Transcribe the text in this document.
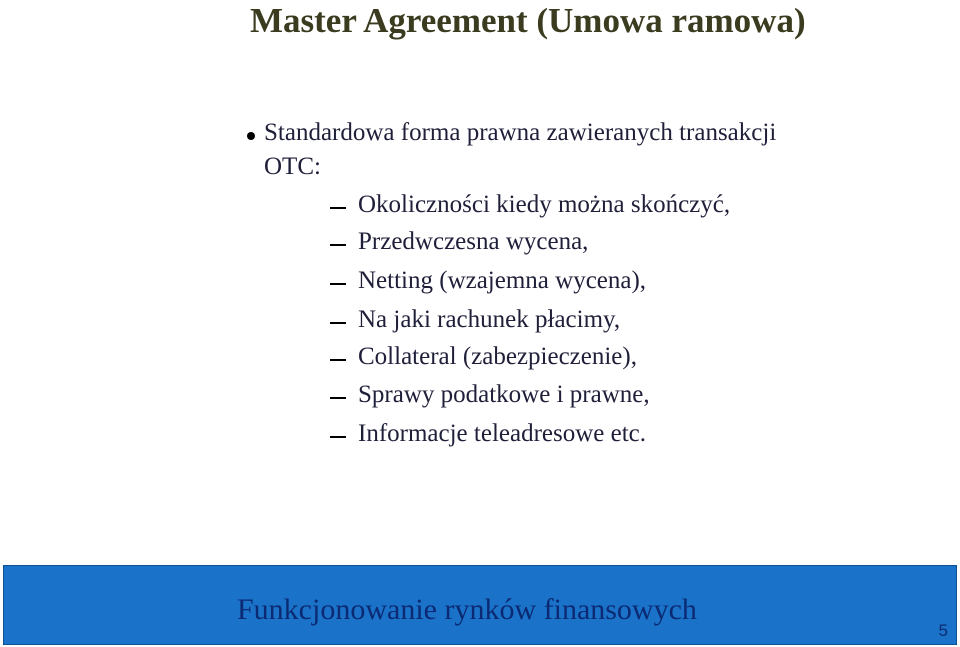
Master Agreement (Umowa ramowa)
Standardowa forma prawna zawieranych transakcji
OTC:
Okoliczności kiedy można skończyć,
Przedwczesna wycena,
Netting (wzajemna wycena),
Na jaki rachunek płacimy,
Collateral (zabezpieczenie),
Sprawy podatkowe i prawne,
Informacje teleadresowe etc.
Funkcjonowanie rynków finansowych
5
